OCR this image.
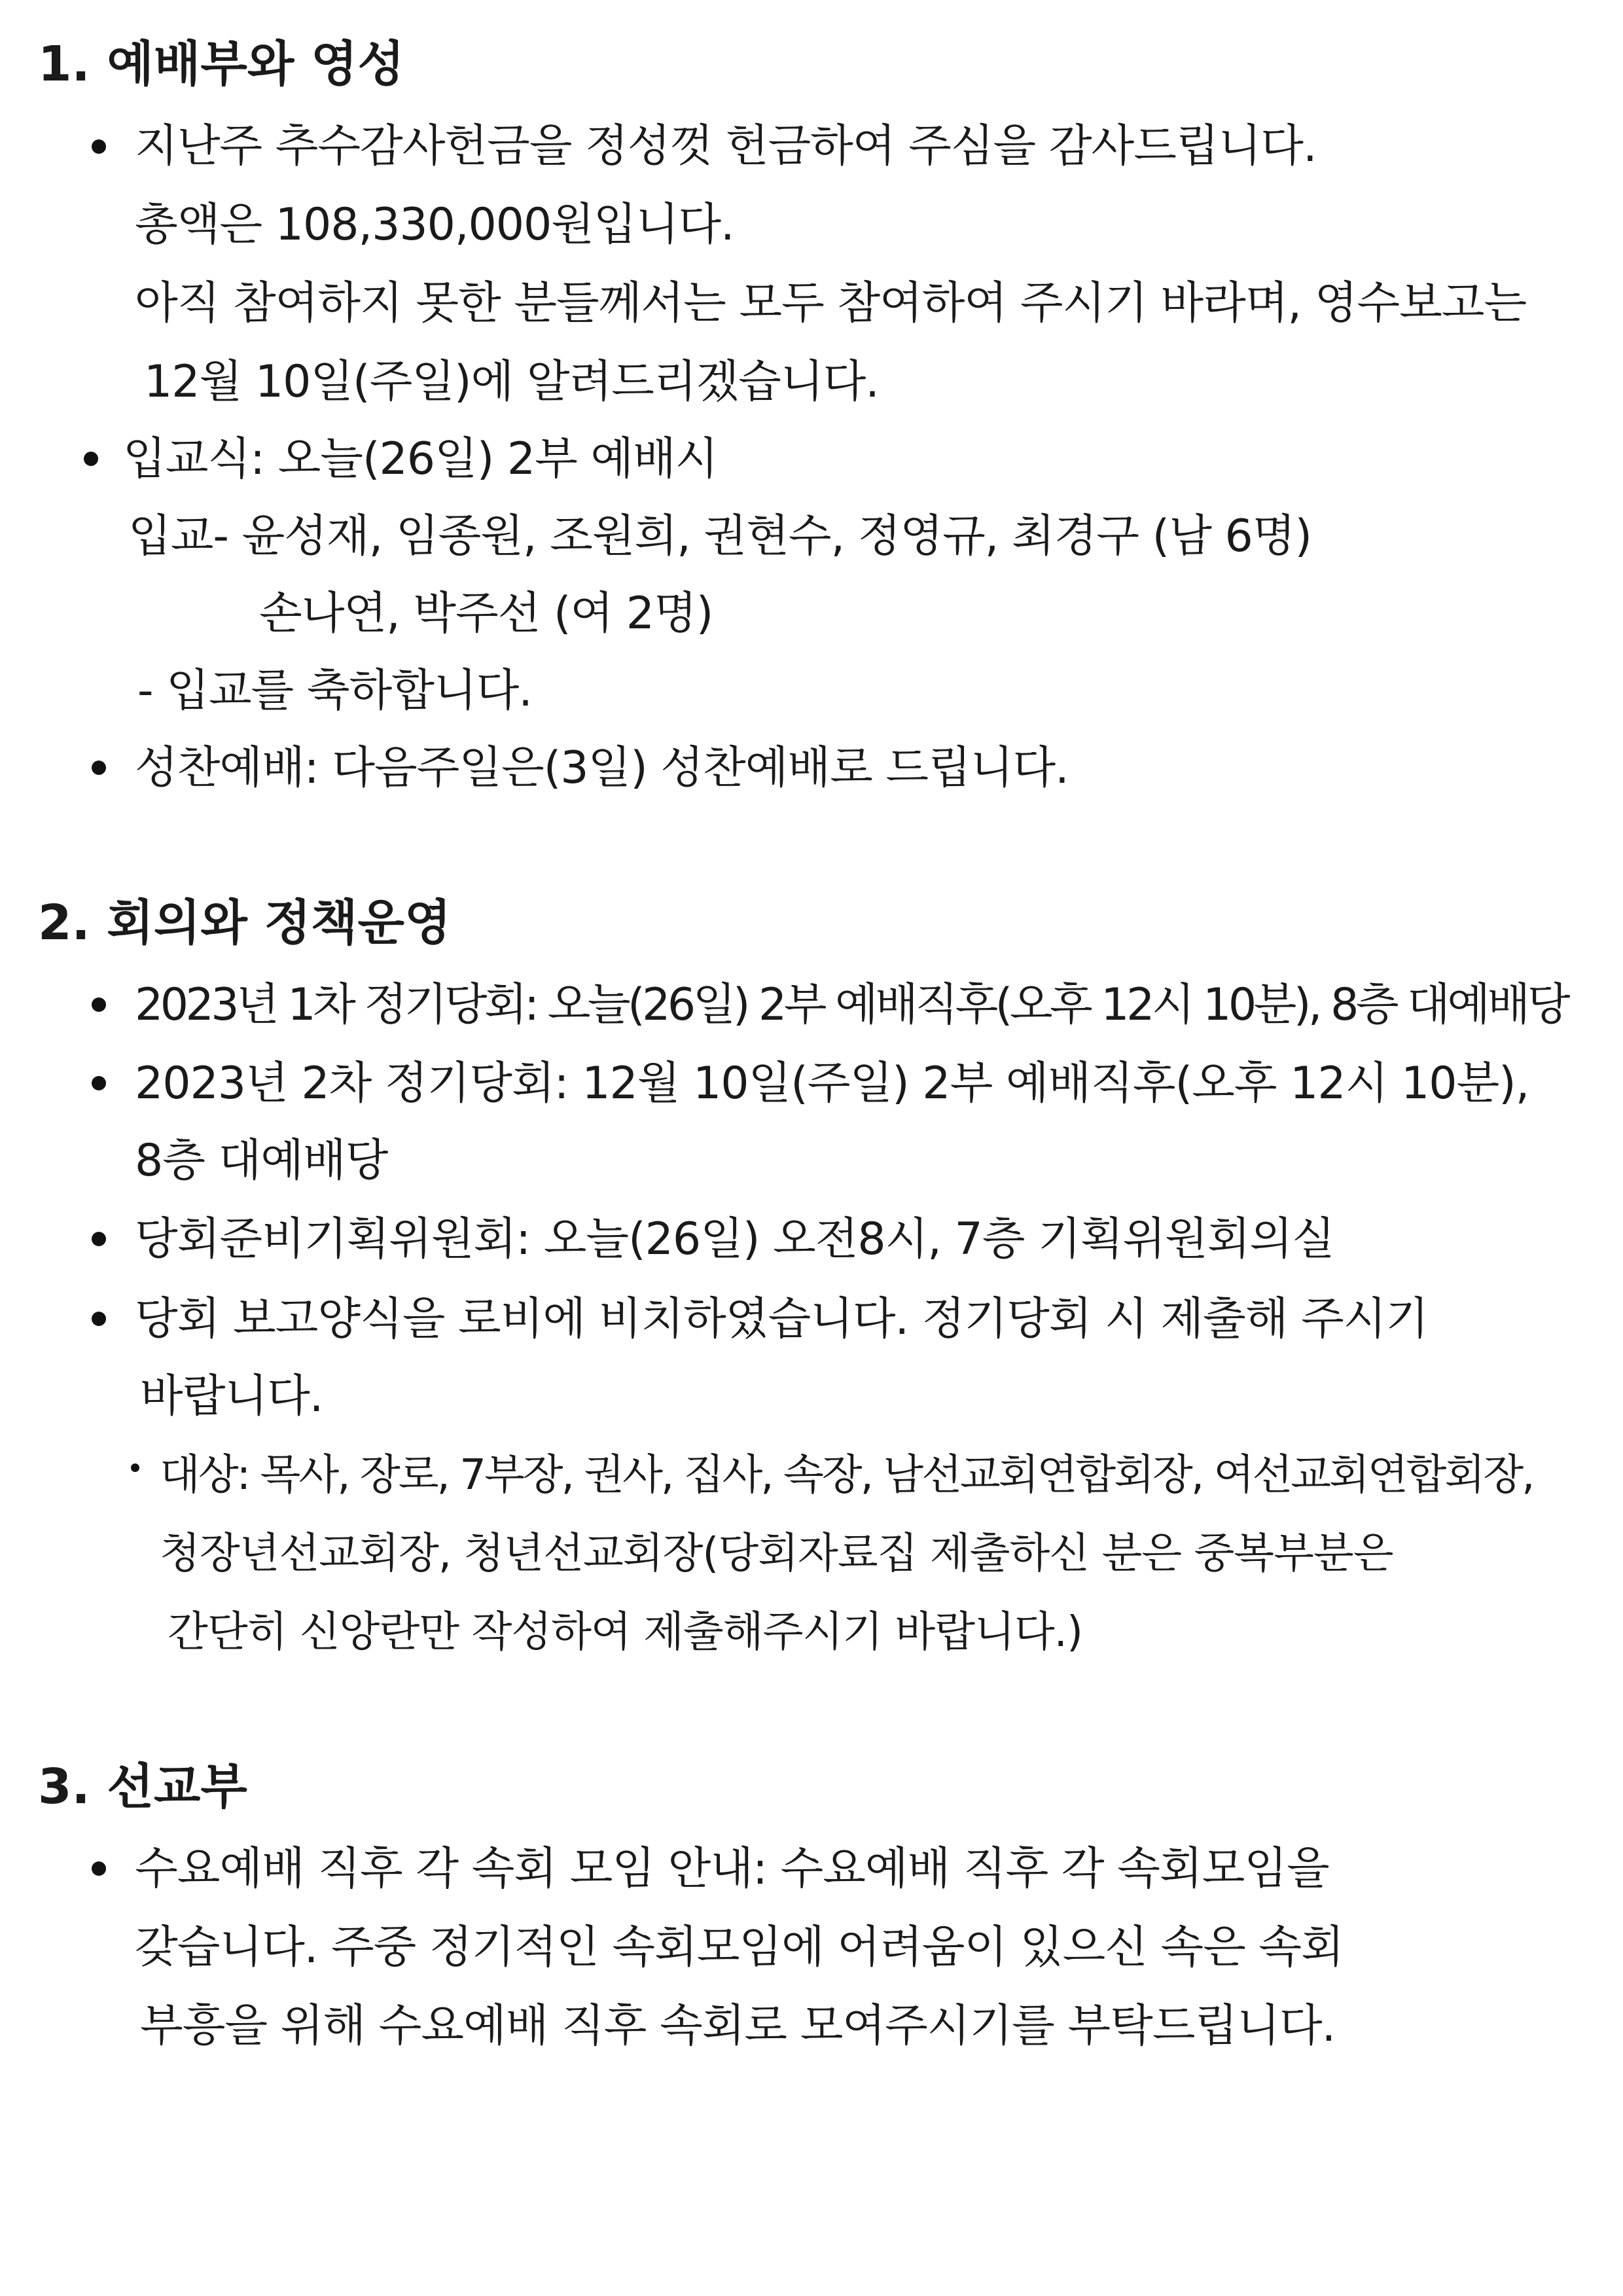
1. 예배부와 영성
지난주 추수감사헌금을 정성껏 헌금하여 주심을 감사드립니다.
총액은 108,330,000원입니다.
아직 참여하지 못한 분들께서는 모두 참여하여 주시기 바라며, 영수보고는
12월 10일(주일)에 알려드리겠습니다.
입교식: 오늘(26일) 2부 예배시
입교- 윤성재, 임종원, 조원희, 권현수, 정영규, 최경구 (남 6명)
손나연, 박주선 (여 2명)
- 입교를 축하합니다.
성찬예배: 다음주일은(3일) 성찬예배로 드립니다.
2. 회의와 정책운영
2023년 1차 정기당회: 오늘(26일) 2부 예배직후(오후 12시 10분), 8층 대예배당
2023년 2차 정기당회: 12월 10일(주일) 2부 예배직후(오후 12시 10분),
8층 대예배당
당회준비기획위원회: 오늘(26일) 오전8시, 7층 기획위원회의실
당회 보고양식을 로비에 비치하였습니다. 정기당회 시 제출해 주시기
바랍니다.
대상: 목사, 장로, 7부장, 권사, 집사, 속장, 남선교회연합회장, 여선교회연합회장,
청장년선교회장, 청년선교회장(당회자료집 제출하신 분은 중복부분은
간단히 신앙란만 작성하여 제출해주시기 바랍니다.)
3. 선교부
수요예배 직후 각 속회 모임 안내: 수요예배 직후 각 속회모임을
갖습니다. 주중 정기적인 속회모임에 어려움이 있으신 속은 속회
부흥을 위해 수요예배 직후 속회로 모여주시기를 부탁드립니다.
